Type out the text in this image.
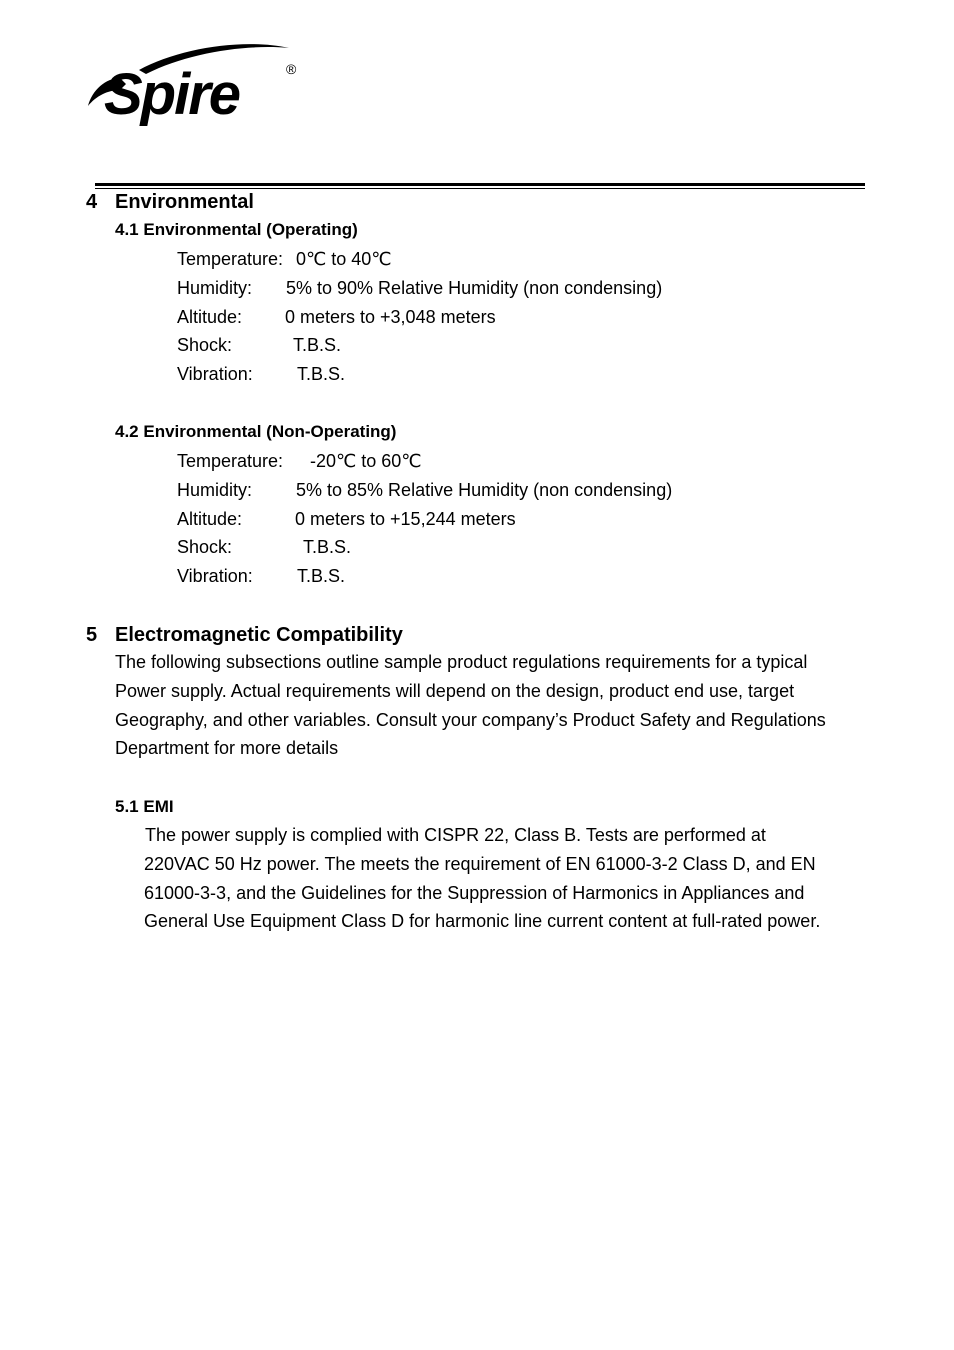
Spire	®
4 Environmental
4.1 Environmental (Operating)
Temperature: 0℃ to 40℃
Humidity: 5% to 90% Relative Humidity (non condensing)
Altitude: 0 meters to +3,048 meters
Shock:	T.B.S.
Vibration: T.B.S.
4.2 Environmental (Non-Operating)
Temperature: -20℃ to 60℃
Humidity: 5% to 85% Relative Humidity (non condensing)
Altitude:	0 meters to +15,244 meters
Shock:	T.B.S.
Vibration: T.B.S.
5 Electromagnetic Compatibility
The following subsections outline sample product regulations requirements for a typical
Power supply. Actual requirements will depend on the design, product end use, target
Geography, and other variables. Consult your company’s Product Safety and Regulations
Department for more details
5.1 EMI
The power supply is complied with CISPR 22, Class B. Tests are performed at
220VAC 50 Hz power. The meets the requirement of EN 61000-3-2 Class D, and EN
61000-3-3, and the Guidelines for the Suppression of Harmonics in Appliances and
General Use Equipment Class D for harmonic line current content at full-rated power.
